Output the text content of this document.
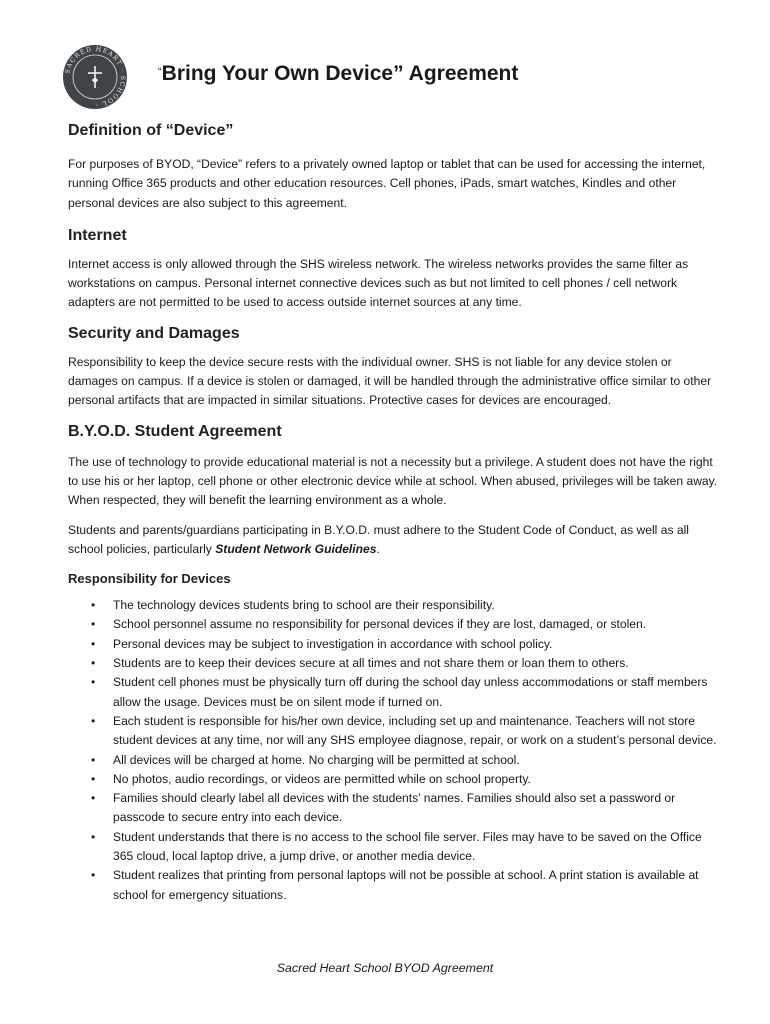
SACRED HEART · SCHOOL ·
“Bring Your Own Device” Agreement
Definition of “Device”

For purposes of BYOD, “Device” refers to a privately owned laptop or tablet that can be used for accessing the internet, running Office 365 products and other education resources. Cell phones, iPads, smart watches, Kindles and other personal devices are also subject to this agreement.

Internet

Internet access is only allowed through the SHS wireless network. The wireless networks provides the same filter as workstations on campus. Personal internet connective devices such as but not limited to cell phones / cell network adapters are not permitted to be used to access outside internet sources at any time.

Security and Damages

Responsibility to keep the device secure rests with the individual owner. SHS is not liable for any device stolen or damages on campus. If a device is stolen or damaged, it will be handled through the administrative office similar to other personal artifacts that are impacted in similar situations. Protective cases for devices are encouraged.

B.Y.O.D. Student Agreement

The use of technology to provide educational material is not a necessity but a privilege. A student does not have the right to use his or her laptop, cell phone or other electronic device while at school. When abused, privileges will be taken away. When respected, they will benefit the learning environment as a whole.

Students and parents/guardians participating in B.Y.O.D. must adhere to the Student Code of Conduct, as well as all school policies, particularly Student Network Guidelines.

Responsibility for Devices
• The technology devices students bring to school are their responsibility.
• School personnel assume no responsibility for personal devices if they are lost, damaged, or stolen.
• Personal devices may be subject to investigation in accordance with school policy.
• Students are to keep their devices secure at all times and not share them or loan them to others.
• Student cell phones must be physically turn off during the school day unless accommodations or staff members allow the usage. Devices must be on silent mode if turned on.
• Each student is responsible for his/her own device, including set up and maintenance. Teachers will not store student devices at any time, nor will any SHS employee diagnose, repair, or work on a student’s personal device.
• All devices will be charged at home. No charging will be permitted at school.
• No photos, audio recordings, or videos are permitted while on school property.
• Families should clearly label all devices with the students’ names. Families should also set a password or passcode to secure entry into each device.
• Student understands that there is no access to the school file server. Files may have to be saved on the Office 365 cloud, local laptop drive, a jump drive, or another media device.
• Student realizes that printing from personal laptops will not be possible at school. A print station is available at school for emergency situations.
Sacred Heart School BYOD Agreement
